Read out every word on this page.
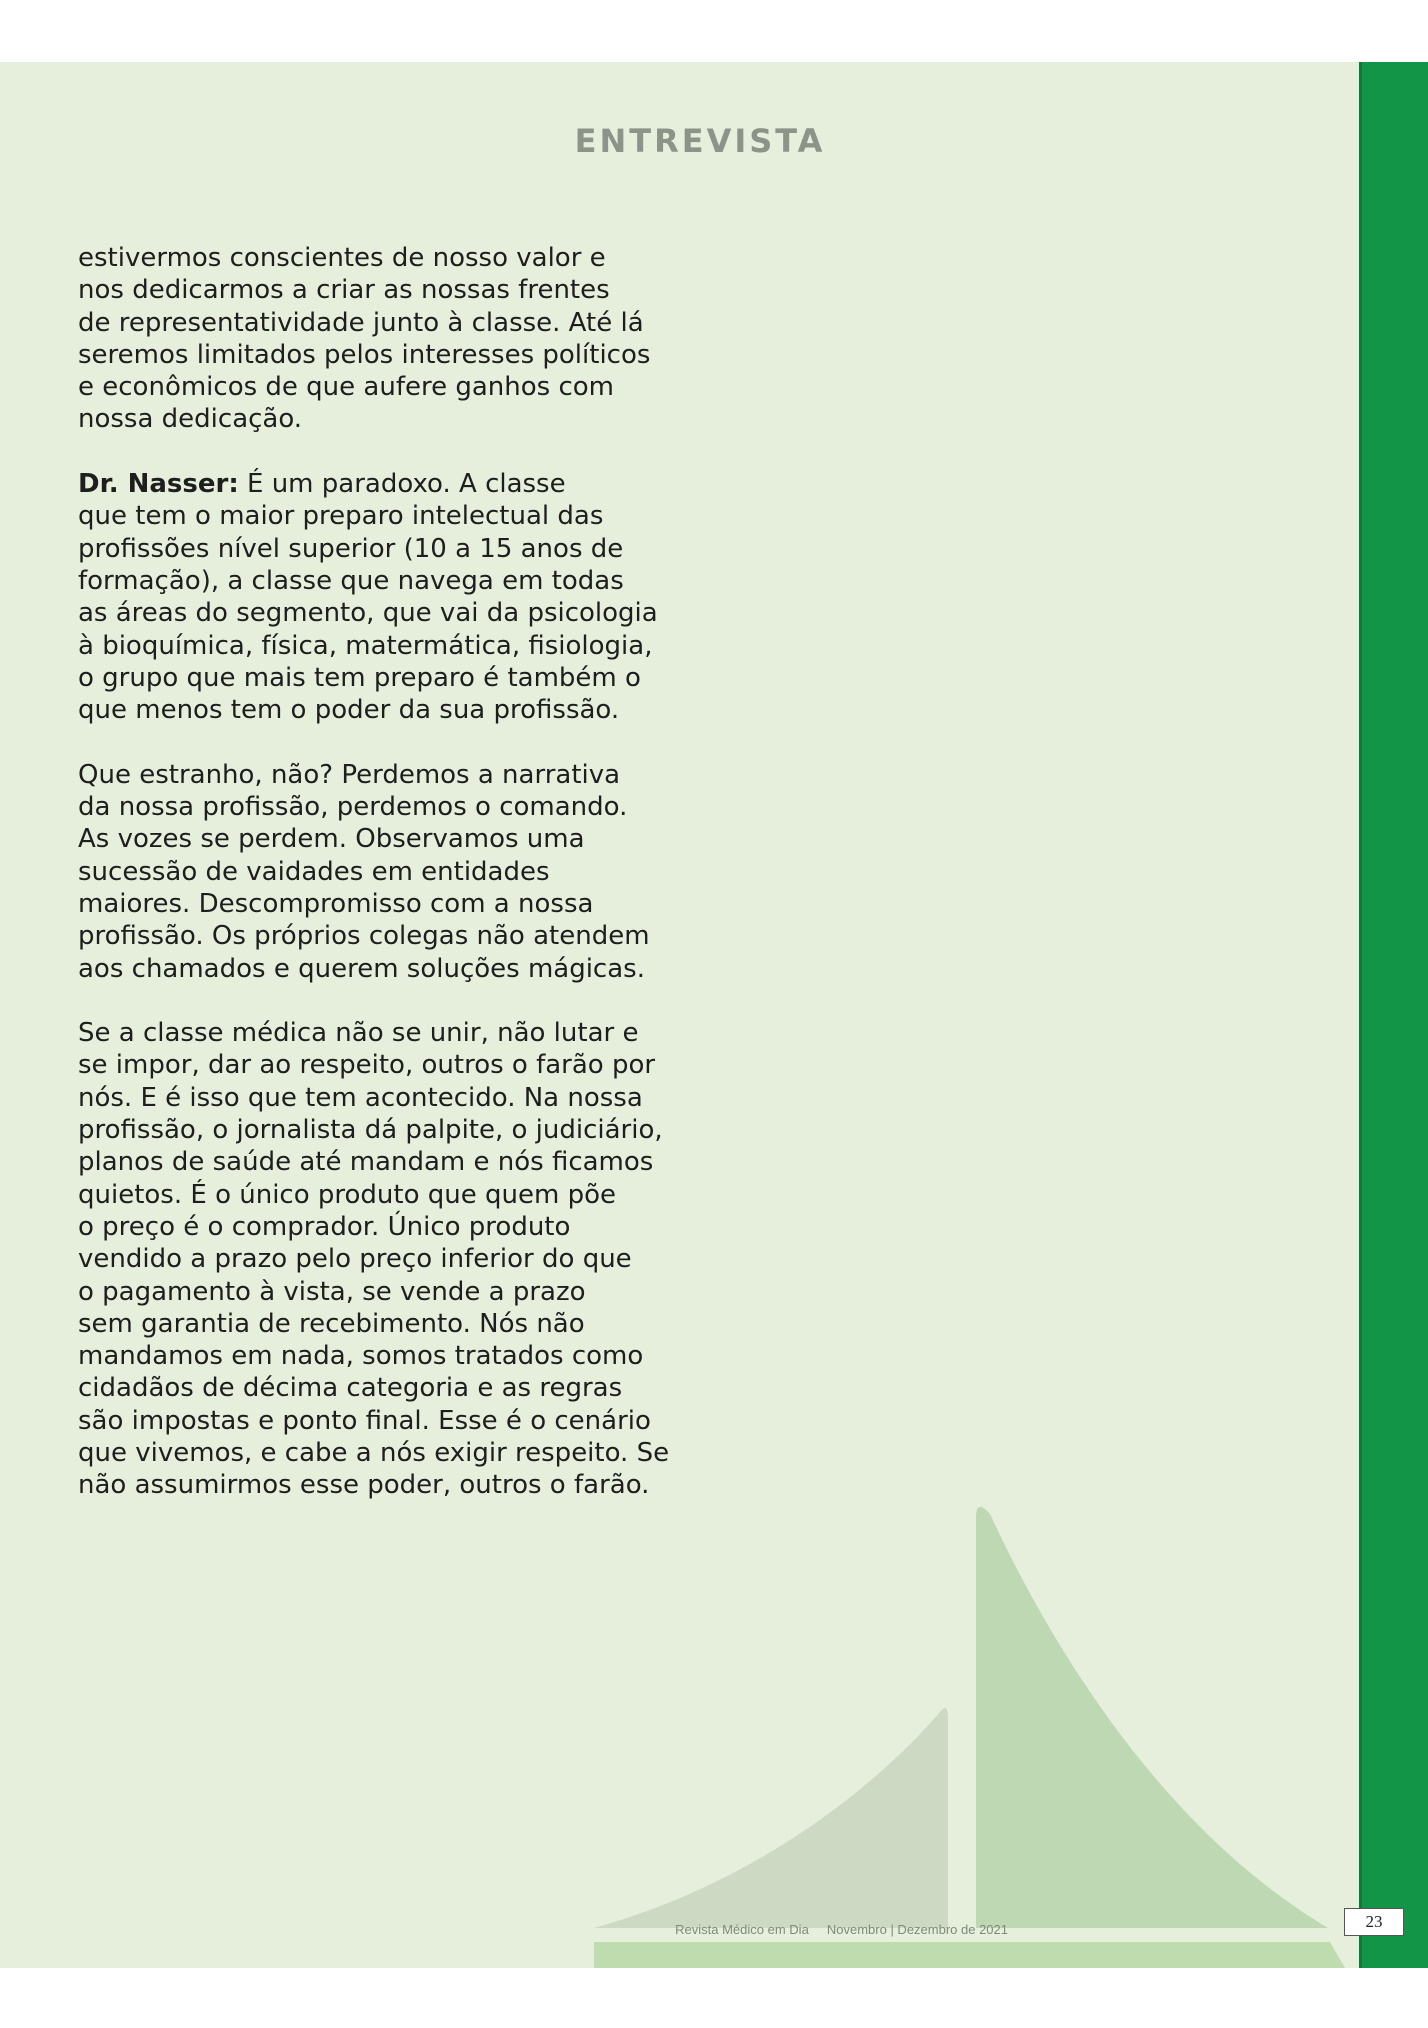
ENTREVISTA

estivermos conscientes de nosso valor e
nos dedicarmos a criar as nossas frentes
de representatividade junto à classe. Até lá
seremos limitados pelos interesses políticos
e econômicos de que aufere ganhos com
nossa dedicação.

Dr. Nasser: É um paradoxo. A classe
que tem o maior preparo intelectual das
profissões nível superior (10 a 15 anos de
formação), a classe que navega em todas
as áreas do segmento, que vai da psicologia
à bioquímica, física, matermática, fisiologia,
o grupo que mais tem preparo é também o
que menos tem o poder da sua profissão.

Que estranho, não? Perdemos a narrativa
da nossa profissão, perdemos o comando.
As vozes se perdem. Observamos uma
sucessão de vaidades em entidades
maiores. Descompromisso com a nossa
profissão. Os próprios colegas não atendem
aos chamados e querem soluções mágicas.

Se a classe médica não se unir, não lutar e
se impor, dar ao respeito, outros o farão por
nós. E é isso que tem acontecido. Na nossa
profissão, o jornalista dá palpite, o judiciário,
planos de saúde até mandam e nós ficamos
quietos. É o único produto que quem põe
o preço é o comprador. Único produto
vendido a prazo pelo preço inferior do que
o pagamento à vista, se vende a prazo
sem garantia de recebimento. Nós não
mandamos em nada, somos tratados como
cidadãos de décima categoria e as regras
são impostas e ponto final. Esse é o cenário
que vivemos, e cabe a nós exigir respeito. Se
não assumirmos esse poder, outros o farão.

Revista Médico em Dia Novembro | Dezembro de 2021	23
